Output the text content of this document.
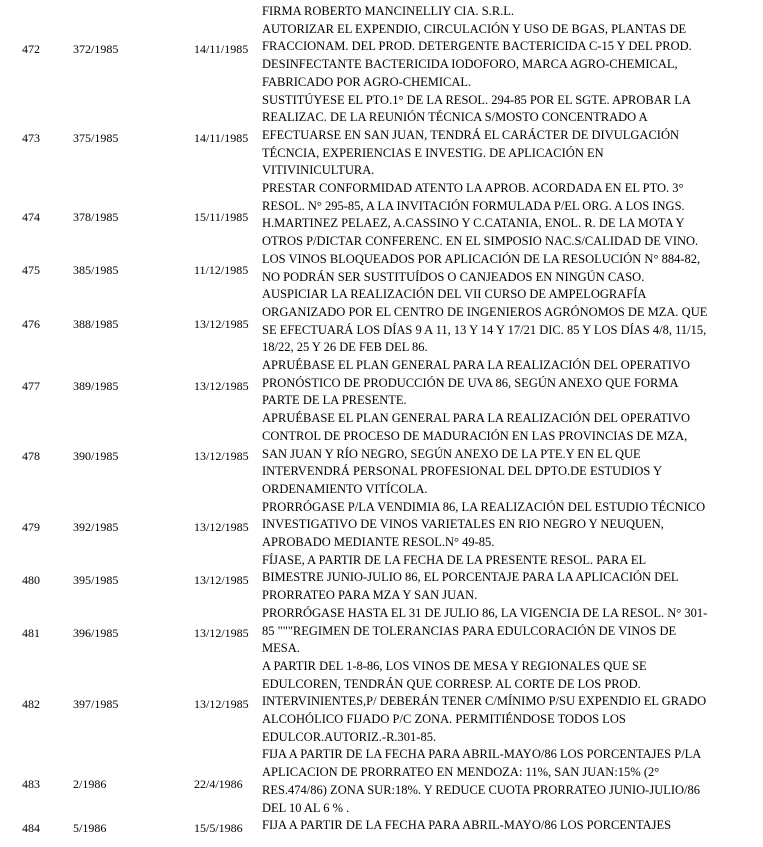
472	372/1985	14/11/1985
FIRMA ROBERTO MANCINELLIY CIA. S.R.L.
AUTORIZAR EL EXPENDIO, CIRCULACIÓN Y USO DE BGAS, PLANTAS DE
FRACCIONAM. DEL PROD. DETERGENTE BACTERICIDA C-15 Y DEL PROD.
DESINFECTANTE BACTERICIDA IODOFORO, MARCA AGRO-CHEMICAL,
FABRICADO POR AGRO-CHEMICAL.
473	375/1985	14/11/1985
SUSTITÚYESE EL PTO.1° DE LA RESOL. 294-85 POR EL SGTE. APROBAR LA
REALIZAC. DE LA REUNIÓN TÉCNICA S/MOSTO CONCENTRADO A
EFECTUARSE EN SAN JUAN, TENDRÁ EL CARÁCTER DE DIVULGACIÓN
TÉCNCIA, EXPERIENCIAS E INVESTIG. DE APLICACIÓN EN
VITIVINICULTURA.
474	378/1985	15/11/1985
PRESTAR CONFORMIDAD ATENTO LA APROB. ACORDADA EN EL PTO. 3°
RESOL. N° 295-85, A LA INVITACIÓN FORMULADA P/EL ORG. A LOS INGS.
H.MARTINEZ PELAEZ, A.CASSINO Y C.CATANIA, ENOL. R. DE LA MOTA Y
OTROS P/DICTAR CONFERENC. EN EL SIMPOSIO NAC.S/CALIDAD DE VINO.
475	385/1985	11/12/1985
LOS VINOS BLOQUEADOS POR APLICACIÓN DE LA RESOLUCIÓN N° 884-82,
NO PODRÁN SER SUSTITUÍDOS O CANJEADOS EN NINGÚN CASO.
476	388/1985	13/12/1985
AUSPICIAR LA REALIZACIÓN DEL VII CURSO DE AMPELOGRAFÍA
ORGANIZADO POR EL CENTRO DE INGENIEROS AGRÓNOMOS DE MZA. QUE
SE EFECTUARÁ LOS DÍAS 9 A 11, 13 Y 14 Y 17/21 DIC. 85 Y LOS DÍAS 4/8, 11/15,
18/22, 25 Y 26 DE FEB DEL 86.
477	389/1985	13/12/1985
APRUÉBASE EL PLAN GENERAL PARA LA REALIZACIÓN DEL OPERATIVO
PRONÓSTICO DE PRODUCCIÓN DE UVA 86, SEGÚN ANEXO QUE FORMA
PARTE DE LA PRESENTE.
478	390/1985	13/12/1985
APRUÉBASE EL PLAN GENERAL PARA LA REALIZACIÓN DEL OPERATIVO
CONTROL DE PROCESO DE MADURACIÓN EN LAS PROVINCIAS DE MZA,
SAN JUAN Y RÍO NEGRO, SEGÚN ANEXO DE LA PTE.Y EN EL QUE
INTERVENDRÁ PERSONAL PROFESIONAL DEL DPTO.DE ESTUDIOS Y
ORDENAMIENTO VITÍCOLA.
479	392/1985	13/12/1985
PRORRÓGASE P/LA VENDIMIA 86, LA REALIZACIÓN DEL ESTUDIO TÉCNICO
INVESTIGATIVO DE VINOS VARIETALES EN RIO NEGRO Y NEUQUEN,
APROBADO MEDIANTE RESOL.N° 49-85.
480	395/1985	13/12/1985
FÍJASE, A PARTIR DE LA FECHA DE LA PRESENTE RESOL. PARA EL
BIMESTRE JUNIO-JULIO 86, EL PORCENTAJE PARA LA APLICACIÓN DEL
PRORRATEO PARA MZA Y SAN JUAN.
481	396/1985	13/12/1985
PRORRÓGASE HASTA EL 31 DE JULIO 86, LA VIGENCIA DE LA RESOL. N° 301-
85 """REGIMEN DE TOLERANCIAS PARA EDULCORACIÓN DE VINOS DE
MESA.
482	397/1985	13/12/1985
A PARTIR DEL 1-8-86, LOS VINOS DE MESA Y REGIONALES QUE SE
EDULCOREN, TENDRÁN QUE CORRESP. AL CORTE DE LOS PROD.
INTERVINIENTES,P/ DEBERÁN TENER C/MÍNIMO P/SU EXPENDIO EL GRADO
ALCOHÓLICO FIJADO P/C ZONA. PERMITIÉNDOSE TODOS LOS
EDULCOR.AUTORIZ.-R.301-85.
483	2/1986	22/4/1986
FIJA A PARTIR DE LA FECHA PARA ABRIL-MAYO/86 LOS PORCENTAJES P/LA
APLICACION DE PRORRATEO EN MENDOZA: 11%, SAN JUAN:15% (2°
RES.474/86) ZONA SUR:18%. Y REDUCE CUOTA PRORRATEO JUNIO-JULIO/86
DEL 10 AL 6 % .
484	5/1986	15/5/1986 FIJA A PARTIR DE LA FECHA PARA ABRIL-MAYO/86 LOS PORCENTAJES
